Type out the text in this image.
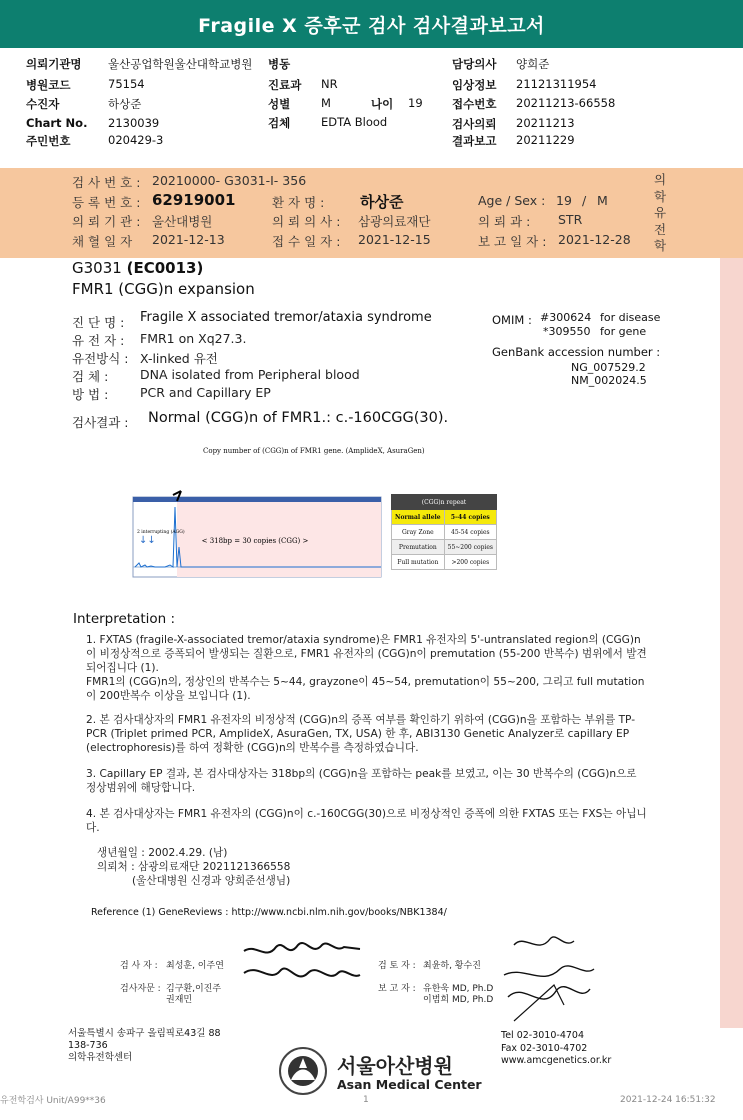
Fragile X 증후군 검사 검사결과보고서
의뢰기관명 울산공업학원울산대학교병원 병동	담당의사 양희준
병원코드	75154	진료과 NR	임상정보 21121311954
수진자	하상준	성별	M	나이 19	접수번호 20211213-66558
Chart No. 2130039	검체	EDTA Blood	검사의뢰 20211213
주민번호	020429-3	결과보고 20211229
검 사 번 호 : 20210000- G3031-I- 356
등 록 번 호 : 62919001	환 자 명 : 하상준	Age / Sex : 19 / M
의 뢰 기 관 : 울산대병원	의 뢰 의 사 : 삼광의료재단	의 뢰 과 : STR
채 혈 일 자 2021-12-13	접 수 일 자 : 2021-12-15	보 고 일 자 : 2021-12-28
의학유전학
G3031 (EC0013)
FMR1 (CGG)n expansion
진 단 명 : Fragile X associated tremor/ataxia syndrome
유 전 자 : FMR1 on Xq27.3.
유전방식 : X-linked 유전
검 체 :	DNA isolated from Peripheral blood
방 법 :	PCR and Capillary EP
OMIM : #300624 for disease
*309550 for gene
GenBank accession number :
NG_007529.2
NM_002024.5
검사결과 : Normal (CGG)n of FMR1.: c.-160CGG(30).
Copy number of (CGG)n of FMR1 gene. (AmplideX, AsuraGen)
2 interrupting (AGG)
↓↓	< 318bp = 30 copies (CGG) >
(CGG)n repeat	
Normal allele	5–44 copies
Gray Zone	45-54 copies
Premutation	55~200 copies
Full mutation	>200 copies
Interpretation :
1. FXTAS (fragile-X-associated tremor/ataxia syndrome)은 FMR1 유전자의 5'-untranslated region의 (CGG)n 이 비정상적으로 증폭되어 발생되는 질환으로, FMR1 유전자의 (CGG)n이 premutation (55-200 반복수) 범위에서 발견되어집니다 (1).
FMR1의 (CGG)n의, 정상인의 반복수는 5~44, grayzone이 45~54, premutation이 55~200, 그리고 full mutation이 200반복수 이상을 보입니다 (1).
2. 본 검사대상자의 FMR1 유전자의 비정상적 (CGG)n의 증폭 여부를 확인하기 위하여 (CGG)n을 포함하는 부위를 TP-PCR (Triplet primed PCR, AmplideX, AsuraGen, TX, USA) 한 후, ABI3130 Genetic Analyzer로 capillary EP (electrophoresis)를 하여 정확한 (CGG)n의 반복수를 측정하였습니다.
3. Capillary EP 결과, 본 검사대상자는 318bp의 (CGG)n을 포함하는 peak를 보였고, 이는 30 반복수의 (CGG)n으로 정상범위에 해당합니다.
4. 본 검사대상자는 FMR1 유전자의 (CGG)n이 c.-160CGG(30)으로 비정상적인 증폭에 의한 FXTAS 또는 FXS는 아닙니다.
생년월일 : 2002.4.29. (남)
의뢰처 : 삼광의료재단 2021121366558
(울산대병원 신경과 양희준선생님)
Reference (1) GeneReviews : http://www.ncbi.nlm.nih.gov/books/NBK1384/
검 사 자 : 최성훈, 이주연
검사자문 : 김구환,이진주
권재민
검 토 자 : 최윤하, 황수진
보 고 자 : 유한욱 MD, Ph.D
이범희 MD, Ph.D
서울특별시 송파구 올림픽로43길 88
138-736
의학유전학센터	서울아산병원
Asan Medical Center
Tel 02-3010-4704
Fax 02-3010-4702
www.amcgenetics.or.kr
유전학검사 Unit/A99**36	1	2021-12-24 16:51:32
